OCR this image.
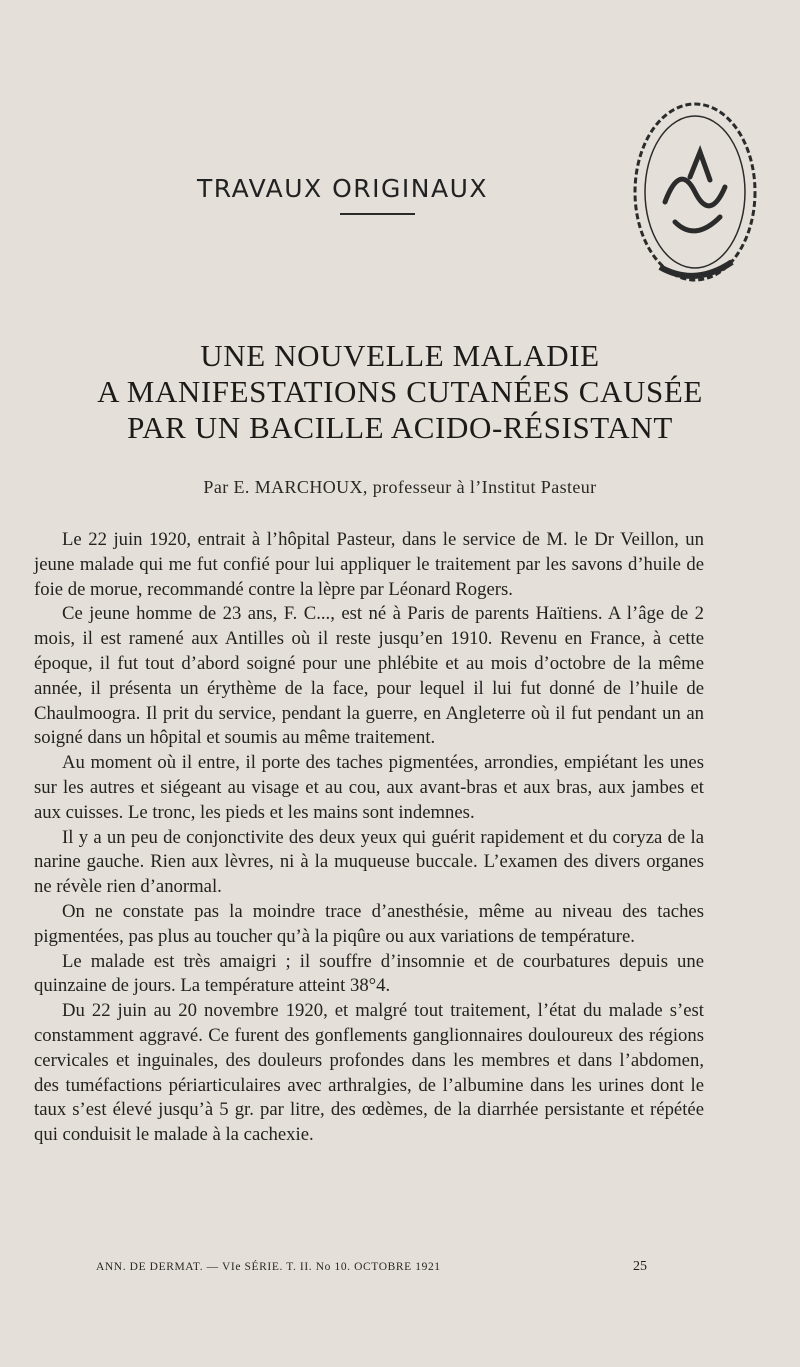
TRAVAUX ORIGINAUX
UNE NOUVELLE MALADIE
A MANIFESTATIONS CUTANÉES CAUSÉE
PAR UN BACILLE ACIDO-RÉSISTANT
Par E. MARCHOUX, professeur à l’Institut Pasteur

Le 22 juin 1920, entrait à l’hôpital Pasteur, dans le service de M. le Dr Veillon, un jeune malade qui me fut confié pour lui appliquer le traitement par les savons d’huile de foie de morue, recommandé contre la lèpre par Léonard Rogers.

Ce jeune homme de 23 ans, F. C..., est né à Paris de parents Haïtiens. A l’âge de 2 mois, il est ramené aux Antilles où il reste jusqu’en 1910. Revenu en France, à cette époque, il fut tout d’abord soigné pour une phlébite et au mois d’octobre de la même année, il présenta un érythème de la face, pour lequel il lui fut donné de l’huile de Chaulmoogra. Il prit du service, pendant la guerre, en Angleterre où il fut pendant un an soigné dans un hôpital et soumis au même traitement.

Au moment où il entre, il porte des taches pigmentées, arrondies, empiétant les unes sur les autres et siégeant au visage et au cou, aux avant-bras et aux bras, aux jambes et aux cuisses. Le tronc, les pieds et les mains sont indemnes.

Il y a un peu de conjonctivite des deux yeux qui guérit rapidement et du coryza de la narine gauche. Rien aux lèvres, ni à la muqueuse buccale. L’examen des divers organes ne révèle rien d’anormal.

On ne constate pas la moindre trace d’anesthésie, même au niveau des taches pigmentées, pas plus au toucher qu’à la piqûre ou aux variations de température.

Le malade est très amaigri ; il souffre d’insomnie et de courbatures depuis une quinzaine de jours. La température atteint 38°4.

Du 22 juin au 20 novembre 1920, et malgré tout traitement, l’état du malade s’est constamment aggravé. Ce furent des gonflements ganglionnaires douloureux des régions cervicales et inguinales, des douleurs profondes dans les membres et dans l’abdomen, des tuméfactions périarticulaires avec arthralgies, de l’albumine dans les urines dont le taux s’est élevé jusqu’à 5 gr. par litre, des œdèmes, de la diarrhée persistante et répétée qui conduisit le malade à la cachexie.

ANN. DE DERMAT. — VIe SÉRIE. T. II. No 10. OCTOBRE 1921	25
